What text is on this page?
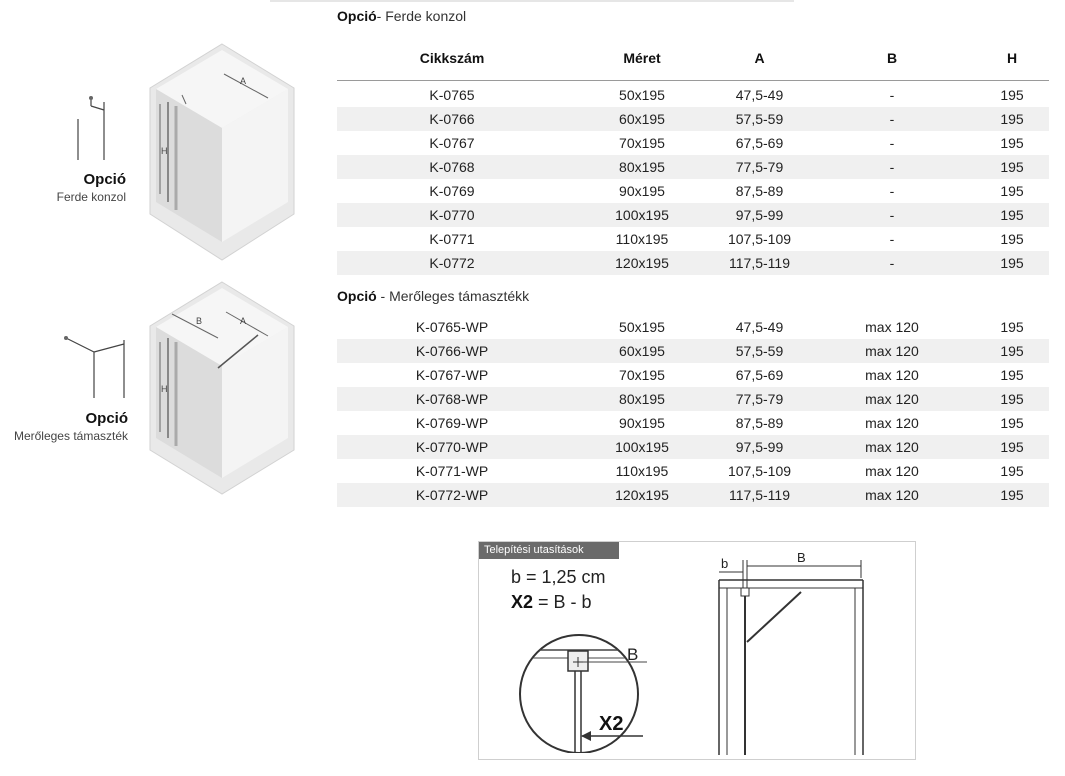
Opció- Ferde konzol
Cikkszám	Méret	A	B	H
K-0765	50x195	47,5-49	-	195
K-0766	60x195	57,5-59	-	195
K-0767	70x195	67,5-69	-	195
K-0768	80x195	77,5-79	-	195
K-0769	90x195	87,5-89	-	195
K-0770	100x195	97,5-99	-	195
K-0771	110x195	107,5-109	-	195
K-0772	120x195	117,5-119	-	195
Opció - Merőleges támasztékk
K-0765-WP	50x195	47,5-49	max 120	195
K-0766-WP	60x195	57,5-59	max 120	195
K-0767-WP	70x195	67,5-69	max 120	195
K-0768-WP	80x195	77,5-79	max 120	195
K-0769-WP	90x195	87,5-89	max 120	195
K-0770-WP	100x195	97,5-99	max 120	195
K-0771-WP	110x195	107,5-109	max 120	195
K-0772-WP	120x195	117,5-119	max 120	195
Opció
Ferde konzol
A
H
Opció
Merőleges támaszték
B	A
H
Telepítési utasítások
b = 1,25 cm
X2 = B - b
B
X2
b	B
